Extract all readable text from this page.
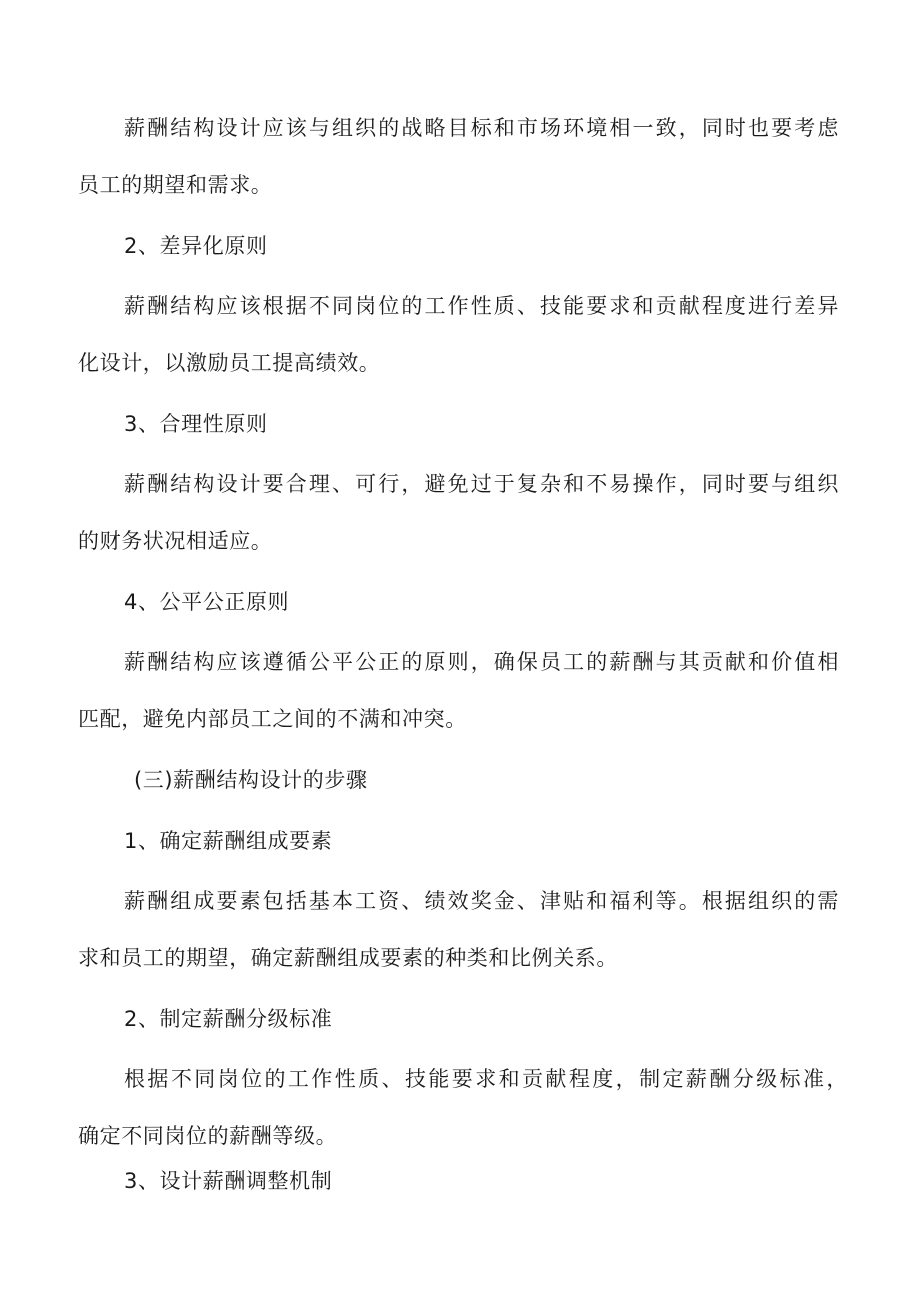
薪酬结构设计应该与组织的战略目标和市场环境相一致，同时也要考虑
员工的期望和需求。
2、差异化原则
薪酬结构应该根据不同岗位的工作性质、技能要求和贡献程度进行差异
化设计，以激励员工提高绩效。
3、合理性原则
薪酬结构设计要合理、可行，避免过于复杂和不易操作，同时要与组织
的财务状况相适应。
4、公平公正原则
薪酬结构应该遵循公平公正的原则，确保员工的薪酬与其贡献和价值相
匹配，避免内部员工之间的不满和冲突。
(三)薪酬结构设计的步骤
1、确定薪酬组成要素
薪酬组成要素包括基本工资、绩效奖金、津贴和福利等。根据组织的需
求和员工的期望，确定薪酬组成要素的种类和比例关系。
2、制定薪酬分级标准
根据不同岗位的工作性质、技能要求和贡献程度，制定薪酬分级标准，
确定不同岗位的薪酬等级。
3、设计薪酬调整机制
